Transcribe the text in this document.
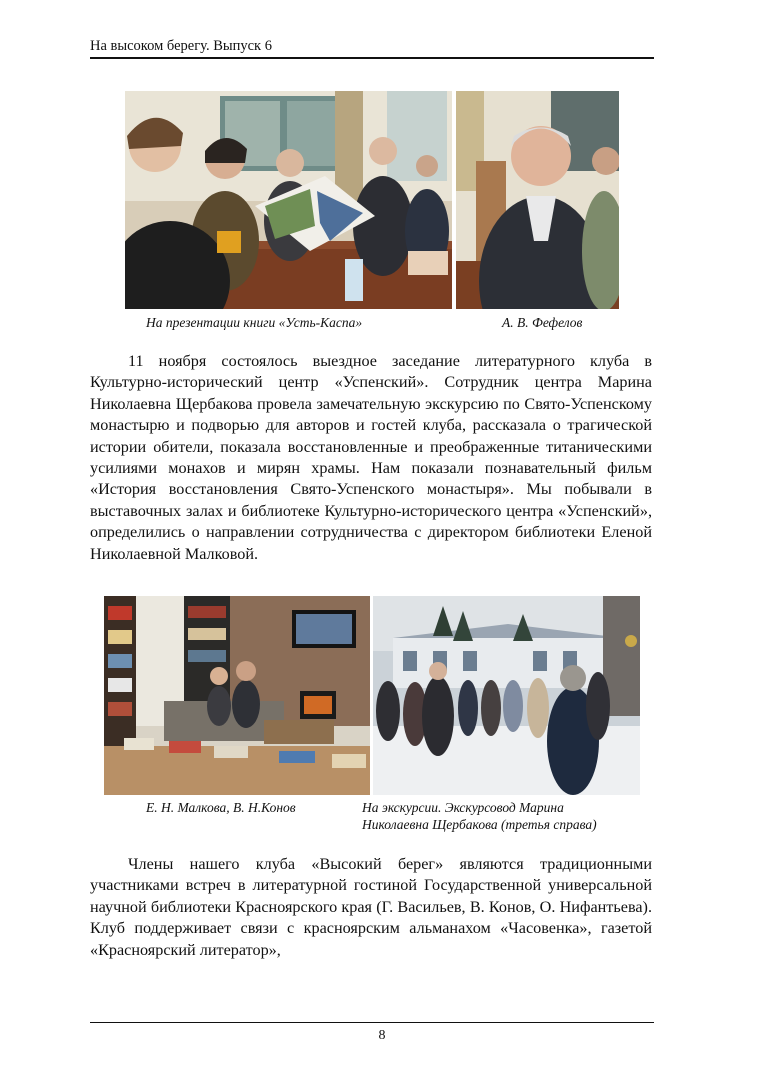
На высоком берегу. Выпуск 6
На презентации книги «Усть-Каспа»	А. В. Фефелов

11 ноября состоялось выездное заседание литературного клуба в Культурно-исторический центр «Успенский». Сотрудник центра Марина Николаевна Щербакова провела замечательную экскурсию по Свято-Успенскому монастырю и подворью для авторов и гостей клуба, рассказала о трагической истории обители, показала восстановленные и преображенные титаническими усилиями монахов и мирян храмы. Нам показали познавательный фильм «История восстановления Свято-Успенского монастыря». Мы побывали в выставочных залах и библиотеке Культурно-исторического центра «Успенский», определились о направлении сотрудничества с директором библиотеки Еленой Николаевной Малковой.

Е. Н. Малкова, В. Н.Конов	На экскурсии. Экскурсовод Марина
Николаевна Щербакова (третья справа)

Члены нашего клуба «Высокий берег» являются традиционными участниками встреч в литературной гостиной Государственной универсальной научной библиотеки Красноярского края (Г. Васильев, В. Конов, О. Нифантьева). Клуб поддерживает связи с красноярским альманахом «Часовенка», газетой «Красноярский литератор»,

8
